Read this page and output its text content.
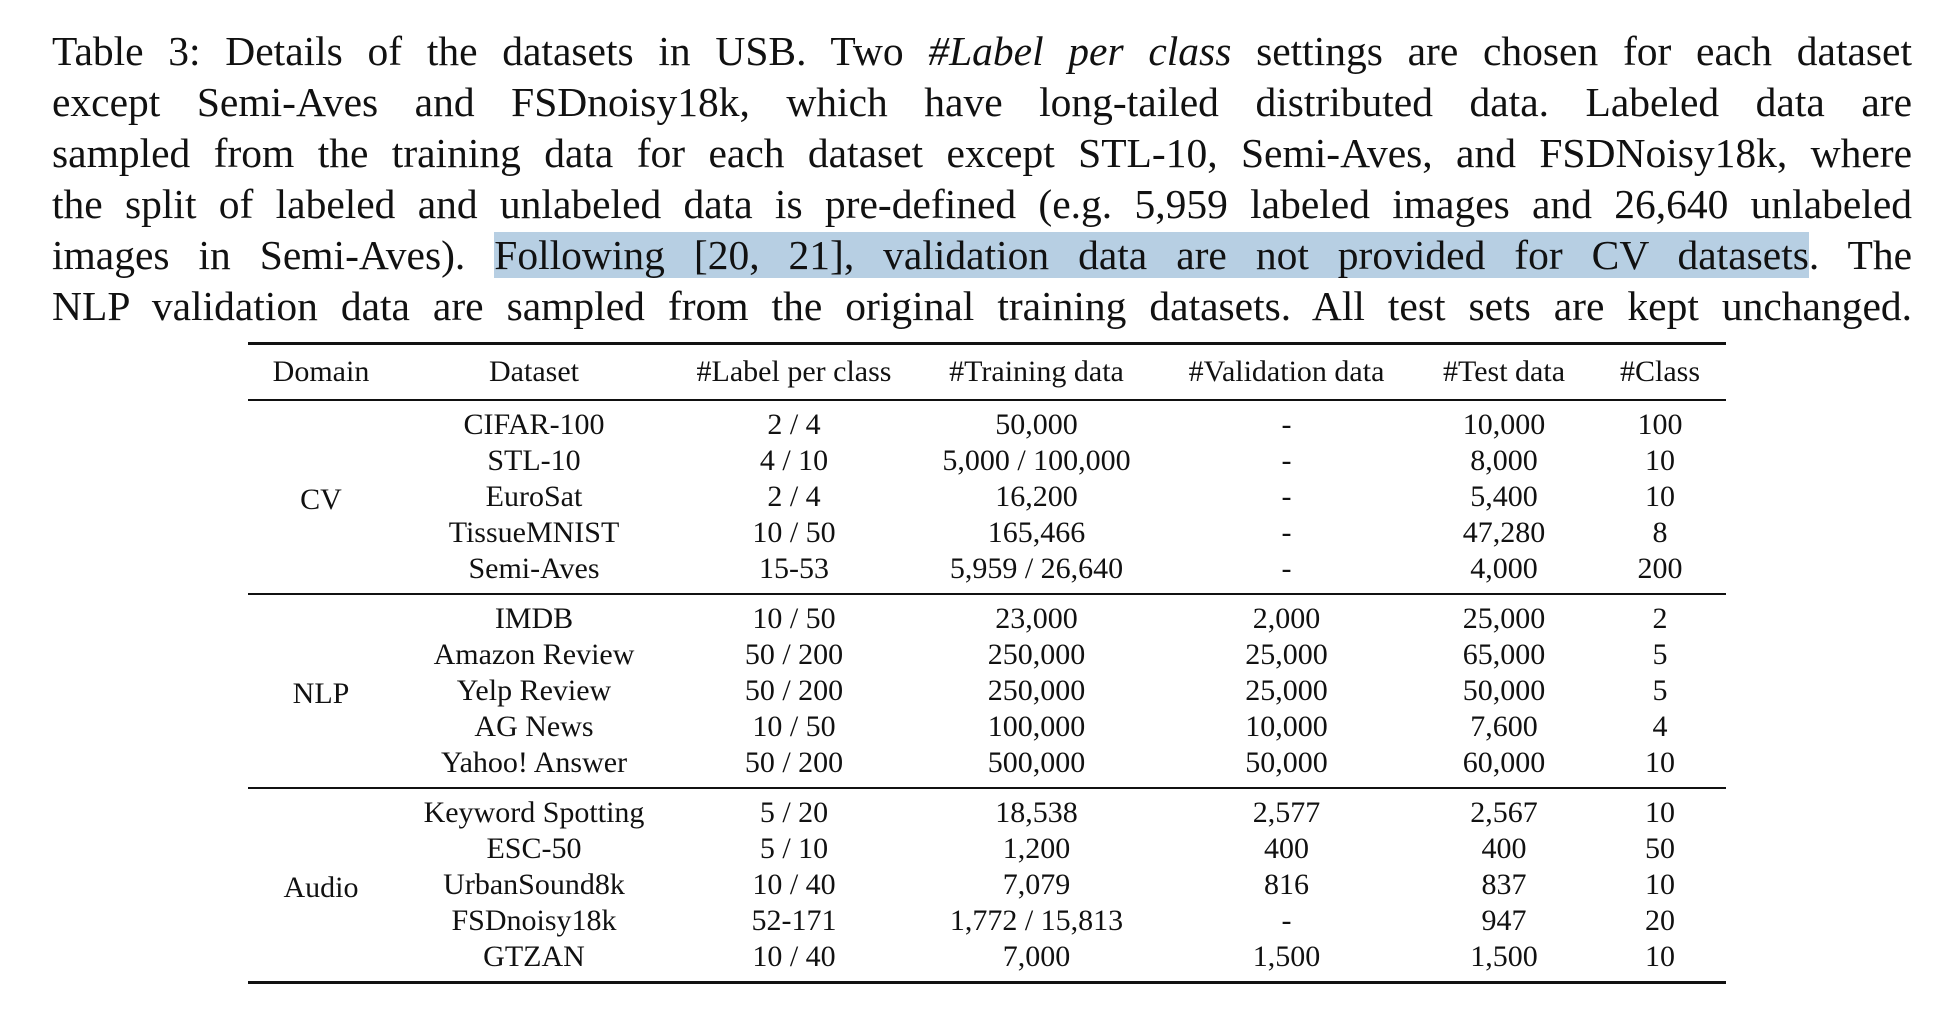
Table 3: Details of the datasets in USB. Two #Label per class settings are chosen for each dataset
except Semi-Aves and FSDnoisy18k, which have long-tailed distributed data. Labeled data are
sampled from the training data for each dataset except STL-10, Semi-Aves, and FSDNoisy18k, where
the split of labeled and unlabeled data is pre-defined (e.g. 5,959 labeled images and 26,640 unlabeled
images in Semi-Aves). Following [20, 21], validation data are not provided for CV datasets. The
NLP validation data are sampled from the original training datasets. All test sets are kept unchanged.
Domain	Dataset	#Label per class	#Training data	#Validation data	#Test data	#Class
CV	CIFAR-100	2 / 4	50,000	-	10,000	100
	STL-10	4 / 10	5,000 / 100,000	-	8,000	10
	EuroSat	2 / 4	16,200	-	5,400	10
	TissueMNIST	10 / 50	165,466	-	47,280	8
	Semi-Aves	15-53	5,959 / 26,640	-	4,000	200
NLP	IMDB	10 / 50	23,000	2,000	25,000	2
	Amazon Review	50 / 200	250,000	25,000	65,000	5
	Yelp Review	50 / 200	250,000	25,000	50,000	5
	AG News	10 / 50	100,000	10,000	7,600	4
	Yahoo! Answer	50 / 200	500,000	50,000	60,000	10
Audio	Keyword Spotting	5 / 20	18,538	2,577	2,567	10
	ESC-50	5 / 10	1,200	400	400	50
	UrbanSound8k	10 / 40	7,079	816	837	10
	FSDnoisy18k	52-171	1,772 / 15,813	-	947	20
	GTZAN	10 / 40	7,000	1,500	1,500	10
